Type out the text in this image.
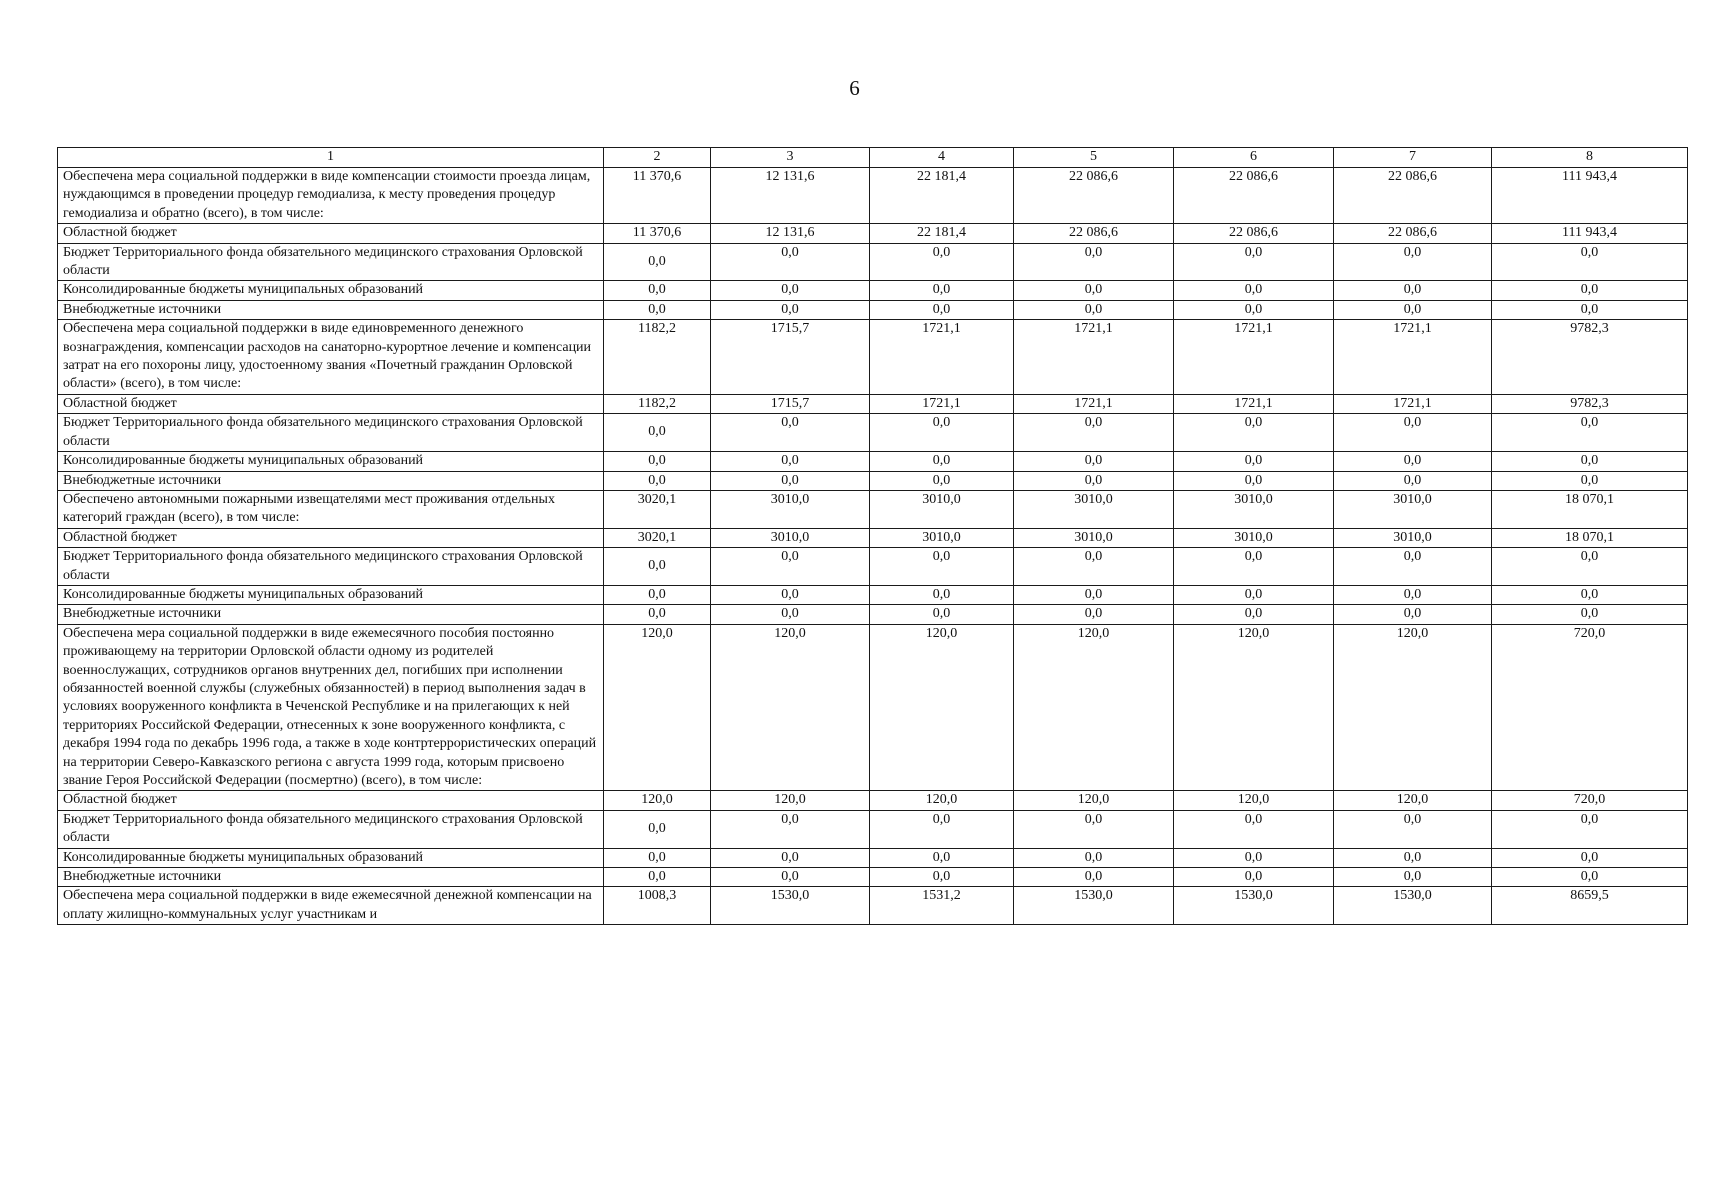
6
1	2	3	4	5	6	7	8
Обеспечена мера социальной поддержки в виде компенсации стоимости проезда лицам, нуждающимся в проведении процедур гемодиализа, к месту проведения процедур гемодиализа и обратно (всего), в том числе:	11 370,6	12 131,6	22 181,4	22 086,6	22 086,6	22 086,6	111 943,4
Областной бюджет	11 370,6	12 131,6	22 181,4	22 086,6	22 086,6	22 086,6	111 943,4
Бюджет Территориального фонда обязательного медицинского страхования Орловской области	0,0	0,0	0,0	0,0	0,0	0,0	0,0
Консолидированные бюджеты муниципальных образований	0,0	0,0	0,0	0,0	0,0	0,0	0,0
Внебюджетные источники	0,0	0,0	0,0	0,0	0,0	0,0	0,0
Обеспечена мера социальной поддержки в виде единовременного денежного вознаграждения, компенсации расходов на санаторно-курортное лечение и компенсации затрат на его похороны лицу, удостоенному звания «Почетный гражданин Орловской области» (всего), в том числе:	1182,2	1715,7	1721,1	1721,1	1721,1	1721,1	9782,3
Областной бюджет	1182,2	1715,7	1721,1	1721,1	1721,1	1721,1	9782,3
Бюджет Территориального фонда обязательного медицинского страхования Орловской области	0,0	0,0	0,0	0,0	0,0	0,0	0,0
Консолидированные бюджеты муниципальных образований	0,0	0,0	0,0	0,0	0,0	0,0	0,0
Внебюджетные источники	0,0	0,0	0,0	0,0	0,0	0,0	0,0
Обеспечено автономными пожарными извещателями мест проживания отдельных категорий граждан (всего), в том числе:	3020,1	3010,0	3010,0	3010,0	3010,0	3010,0	18 070,1
Областной бюджет	3020,1	3010,0	3010,0	3010,0	3010,0	3010,0	18 070,1
Бюджет Территориального фонда обязательного медицинского страхования Орловской области	0,0	0,0	0,0	0,0	0,0	0,0	0,0
Консолидированные бюджеты муниципальных образований	0,0	0,0	0,0	0,0	0,0	0,0	0,0
Внебюджетные источники	0,0	0,0	0,0	0,0	0,0	0,0	0,0
Обеспечена мера социальной поддержки в виде ежемесячного пособия постоянно проживающему на территории Орловской области одному из родителей военнослужащих, сотрудников органов внутренних дел, погибших при исполнении обязанностей военной службы (служебных обязанностей) в период выполнения задач в условиях вооруженного конфликта в Чеченской Республике и на прилегающих к ней территориях Российской Федерации, отнесенных к зоне вооруженного конфликта, с декабря 1994 года по декабрь 1996 года, а также в ходе контртеррористических операций на территории Северо-Кавказского региона с августа 1999 года, которым присвоено звание Героя Российской Федерации (посмертно) (всего), в том числе:	120,0	120,0	120,0	120,0	120,0	120,0	720,0
Областной бюджет	120,0	120,0	120,0	120,0	120,0	120,0	720,0
Бюджет Территориального фонда обязательного медицинского страхования Орловской области	0,0	0,0	0,0	0,0	0,0	0,0	0,0
Консолидированные бюджеты муниципальных образований	0,0	0,0	0,0	0,0	0,0	0,0	0,0
Внебюджетные источники	0,0	0,0	0,0	0,0	0,0	0,0	0,0
Обеспечена мера социальной поддержки в виде ежемесячной денежной компенсации на оплату жилищно-коммунальных услуг участникам и	1008,3	1530,0	1531,2	1530,0	1530,0	1530,0	8659,5
